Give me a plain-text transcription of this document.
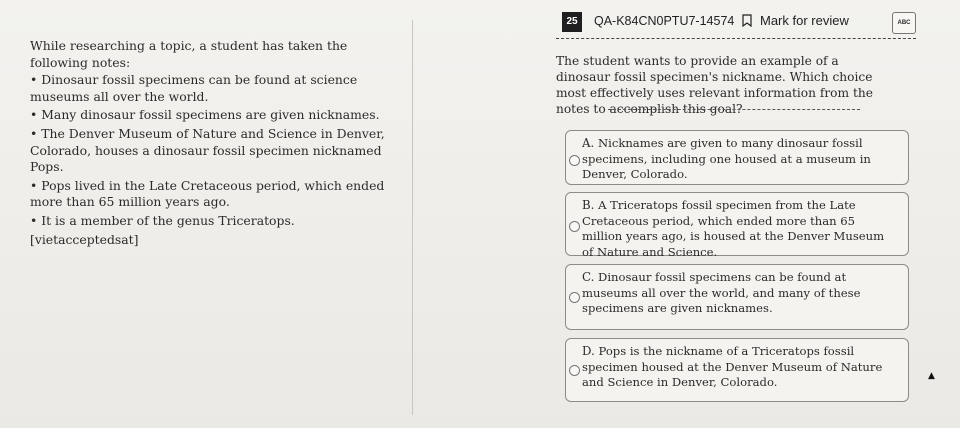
While researching a topic, a student has taken the following notes:

• Dinosaur fossil specimens can be found at science museums all over the world.
• Many dinosaur fossil specimens are given nicknames.
• The Denver Museum of Nature and Science in Denver, Colorado, houses a dinosaur fossil specimen nicknamed Pops.
• Pops lived in the Late Cretaceous period, which ended more than 65 million years ago.
• It is a member of the genus Triceratops.

[vietacceptedsat]

25	QA-K84CN0PTU7-14574 Mark for review	ABC

The student wants to provide an example of a dinosaur fossil specimen's nickname. Which choice most effectively uses relevant information from the notes to accomplish this goal?

A. Nicknames are given to many dinosaur fossil specimens, including one housed at a museum in Denver, Colorado.
B. A Triceratops fossil specimen from the Late Cretaceous period, which ended more than 65 million years ago, is housed at the Denver Museum of Nature and Science.
C. Dinosaur fossil specimens can be found at museums all over the world, and many of these specimens are given nicknames.
D. Pops is the nickname of a Triceratops fossil specimen housed at the Denver Museum of Nature and Science in Denver, Colorado.	▲
